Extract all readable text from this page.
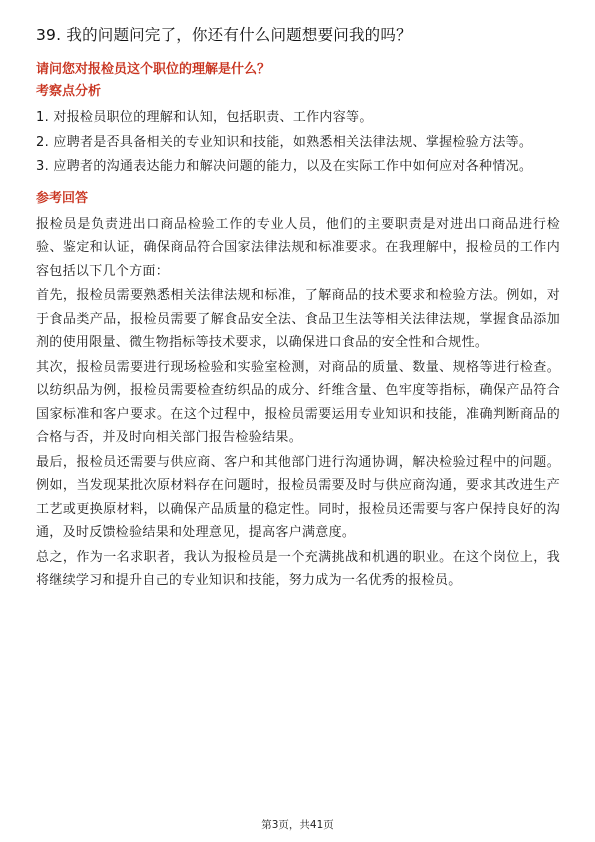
39. 我的问题问完了，你还有什么问题想要问我的吗？
请问您对报检员这个职位的理解是什么？
考察点分析

1. 对报检员职位的理解和认知，包括职责、工作内容等。

2. 应聘者是否具备相关的专业知识和技能，如熟悉相关法律法规、掌握检验方法等。

3. 应聘者的沟通表达能力和解决问题的能力，以及在实际工作中如何应对各种情况。

参考回答

报检员是负责进出口商品检验工作的专业人员，他们的主要职责是对进出口商品进行检验、鉴定和认证，确保商品符合国家法律法规和标准要求。在我理解中，报检员的工作内容包括以下几个方面：

首先，报检员需要熟悉相关法律法规和标准，了解商品的技术要求和检验方法。例如，对于食品类产品，报检员需要了解食品安全法、食品卫生法等相关法律法规，掌握食品添加剂的使用限量、微生物指标等技术要求，以确保进口食品的安全性和合规性。

其次，报检员需要进行现场检验和实验室检测，对商品的质量、数量、规格等进行检查。以纺织品为例，报检员需要检查纺织品的成分、纤维含量、色牢度等指标，确保产品符合国家标准和客户要求。在这个过程中，报检员需要运用专业知识和技能，准确判断商品的合格与否，并及时向相关部门报告检验结果。

最后，报检员还需要与供应商、客户和其他部门进行沟通协调，解决检验过程中的问题。例如，当发现某批次原材料存在问题时，报检员需要及时与供应商沟通，要求其改进生产工艺或更换原材料，以确保产品质量的稳定性。同时，报检员还需要与客户保持良好的沟通，及时反馈检验结果和处理意见，提高客户满意度。

总之，作为一名求职者，我认为报检员是一个充满挑战和机遇的职业。在这个岗位上，我将继续学习和提升自己的专业知识和技能，努力成为一名优秀的报检员。

第3页，共41页
